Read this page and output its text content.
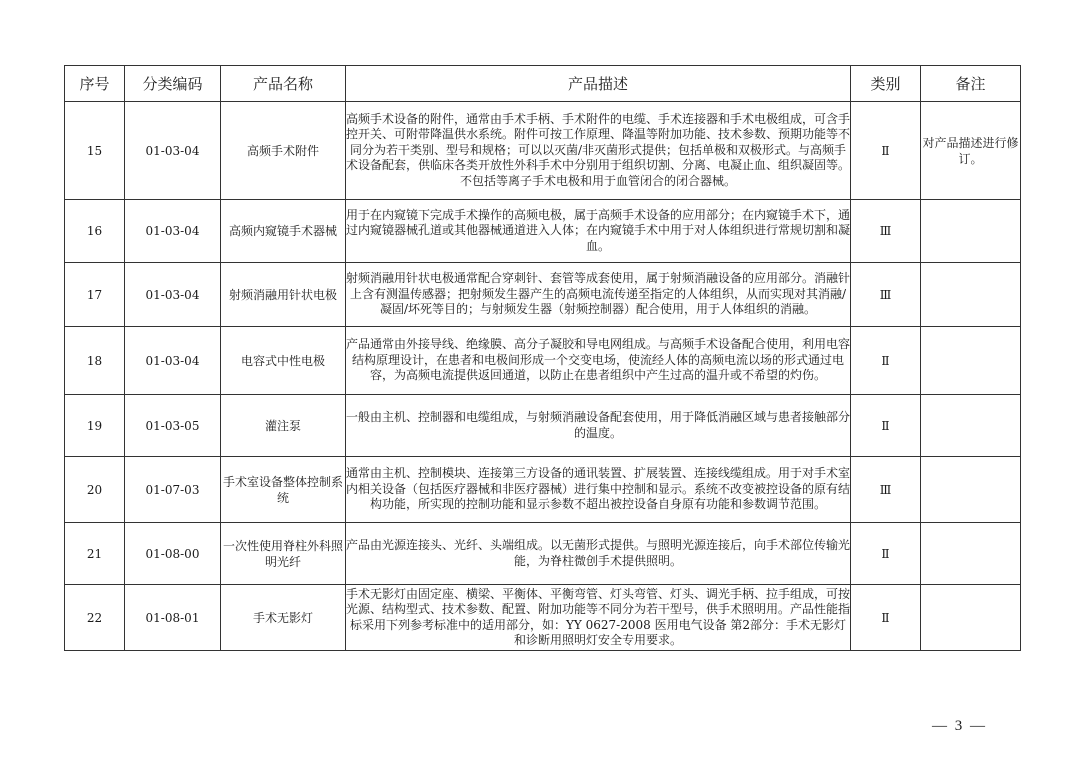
序号	分类编码	产品名称	产品描述	类别	备注
15	01-03-04	高频手术附件	高频手术设备的附件，通常由手术手柄、手术附件的电缆、手术连接器和手术电极组成，可含手控开关、可附带降温供水系统。附件可按工作原理、降温等附加功能、技术参数、预期功能等不同分为若干类别、型号和规格；可以以灭菌/非灭菌形式提供；包括单极和双极形式。与高频手术设备配套，供临床各类开放性外科手术中分别用于组织切割、分离、电凝止血、组织凝固等。不包括等离子手术电极和用于血管闭合的闭合器械。	Ⅱ	对产品描述进行修订。
16	01-03-04	高频内窥镜手术器械	用于在内窥镜下完成手术操作的高频电极，属于高频手术设备的应用部分；在内窥镜手术下，通过内窥镜器械孔道或其他器械通道进入人体；在内窥镜手术中用于对人体组织进行常规切割和凝血。	Ⅲ	
17	01-03-04	射频消融用针状电极	射频消融用针状电极通常配合穿刺针、套管等成套使用，属于射频消融设备的应用部分。消融针上含有测温传感器；把射频发生器产生的高频电流传递至指定的人体组织，从而实现对其消融/凝固/坏死等目的；与射频发生器（射频控制器）配合使用，用于人体组织的消融。	Ⅲ	
18	01-03-04	电容式中性电极	产品通常由外接导线、绝缘膜、高分子凝胶和导电网组成。与高频手术设备配合使用，利用电容结构原理设计，在患者和电极间形成一个交变电场，使流经人体的高频电流以场的形式通过电容，为高频电流提供返回通道，以防止在患者组织中产生过高的温升或不希望的灼伤。	Ⅱ	
19	01-03-05	灌注泵	一般由主机、控制器和电缆组成，与射频消融设备配套使用，用于降低消融区域与患者接触部分的温度。	Ⅱ	
20	01-07-03	手术室设备整体控制系统	通常由主机、控制模块、连接第三方设备的通讯装置、扩展装置、连接线缆组成。用于对手术室内相关设备（包括医疗器械和非医疗器械）进行集中控制和显示。系统不改变被控设备的原有结构功能，所实现的控制功能和显示参数不超出被控设备自身原有功能和参数调节范围。	Ⅲ	
21	01-08-00	一次性使用脊柱外科照明光纤	产品由光源连接头、光纤、头端组成。以无菌形式提供。与照明光源连接后，向手术部位传输光能，为脊柱微创手术提供照明。	Ⅱ	
22	01-08-01	手术无影灯	手术无影灯由固定座、横梁、平衡体、平衡弯管、灯头弯管、灯头、调光手柄、拉手组成，可按光源、结构型式、技术参数、配置、附加功能等不同分为若干型号，供手术照明用。产品性能指标采用下列参考标准中的适用部分，如：YY 0627-2008 医用电气设备 第2部分：手术无影灯和诊断用照明灯安全专用要求。	Ⅱ	
— 3 —
